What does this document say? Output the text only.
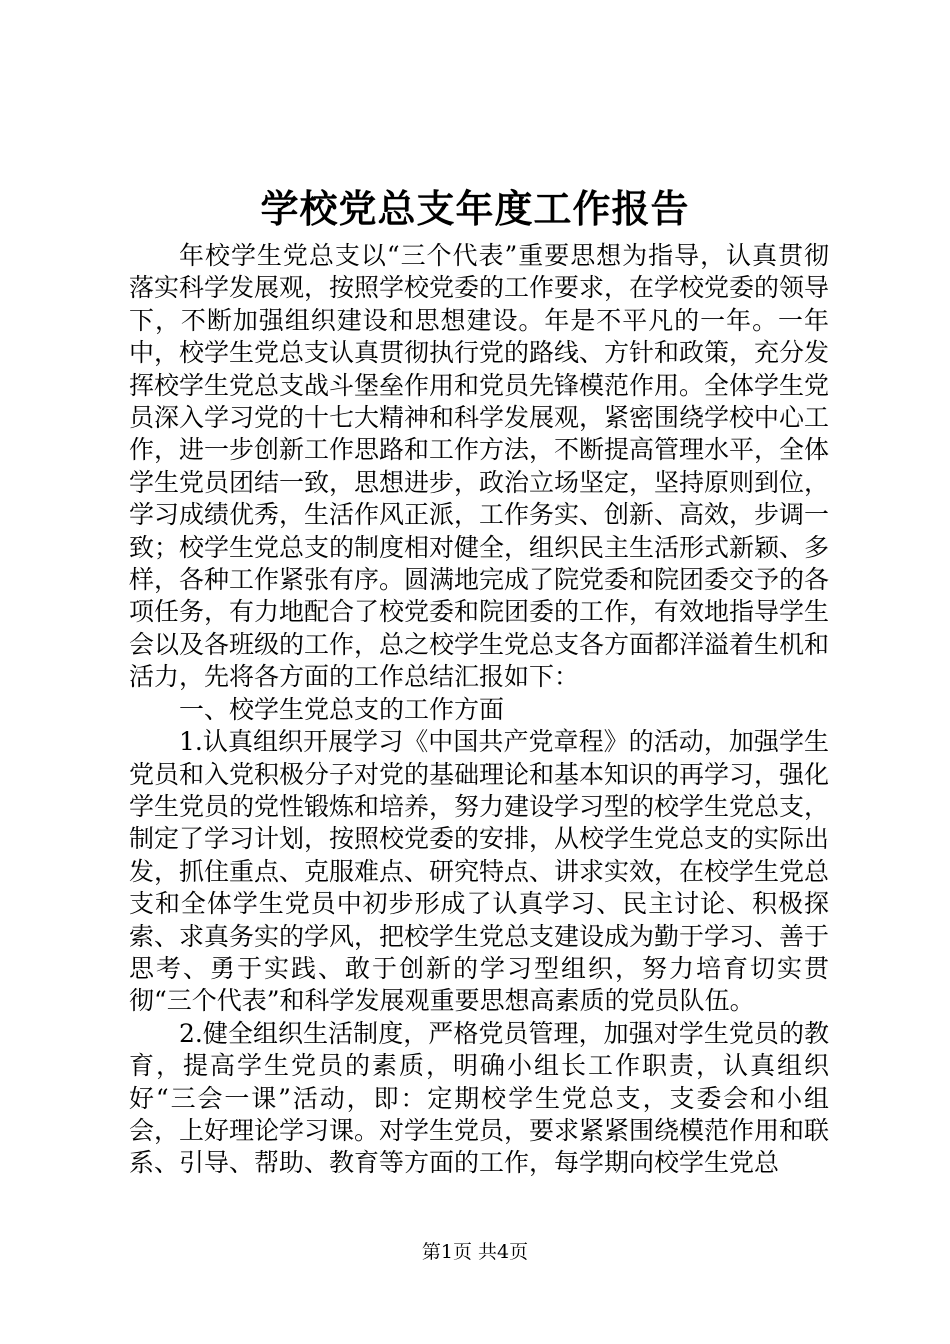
学校党总支年度工作报告

年校学生党总支以“三个代表”重要思想为指导，认真贯彻落实科学发展观，按照学校党委的工作要求，在学校党委的领导下，不断加强组织建设和思想建设。年是不平凡的一年。一年中，校学生党总支认真贯彻执行党的路线、方针和政策，充分发挥校学生党总支战斗堡垒作用和党员先锋模范作用。全体学生党员深入学习党的十七大精神和科学发展观，紧密围绕学校中心工作，进一步创新工作思路和工作方法，不断提高管理水平，全体学生党员团结一致，思想进步，政治立场坚定，坚持原则到位，学习成绩优秀，生活作风正派，工作务实、创新、高效，步调一致；校学生党总支的制度相对健全，组织民主生活形式新颖、多样，各种工作紧张有序。圆满地完成了院党委和院团委交予的各项任务，有力地配合了校党委和院团委的工作，有效地指导学生会以及各班级的工作，总之校学生党总支各方面都洋溢着生机和活力，先将各方面的工作总结汇报如下：

一、校学生党总支的工作方面

1.认真组织开展学习《中国共产党章程》的活动，加强学生党员和入党积极分子对党的基础理论和基本知识的再学习，强化学生党员的党性锻炼和培养，努力建设学习型的校学生党总支，制定了学习计划，按照校党委的安排，从校学生党总支的实际出发，抓住重点、克服难点、研究特点、讲求实效，在校学生党总支和全体学生党员中初步形成了认真学习、民主讨论、积极探索、求真务实的学风，把校学生党总支建设成为勤于学习、善于思考、勇于实践、敢于创新的学习型组织，努力培育切实贯彻“三个代表”和科学发展观重要思想高素质的党员队伍。

2.健全组织生活制度，严格党员管理，加强对学生党员的教育，提高学生党员的素质，明确小组长工作职责，认真组织好“三会一课”活动，即：定期校学生党总支，支委会和小组会，上好理论学习课。对学生党员，要求紧紧围绕模范作用和联系、引导、帮助、教育等方面的工作，每学期向校学生党总

第1页 共4页
